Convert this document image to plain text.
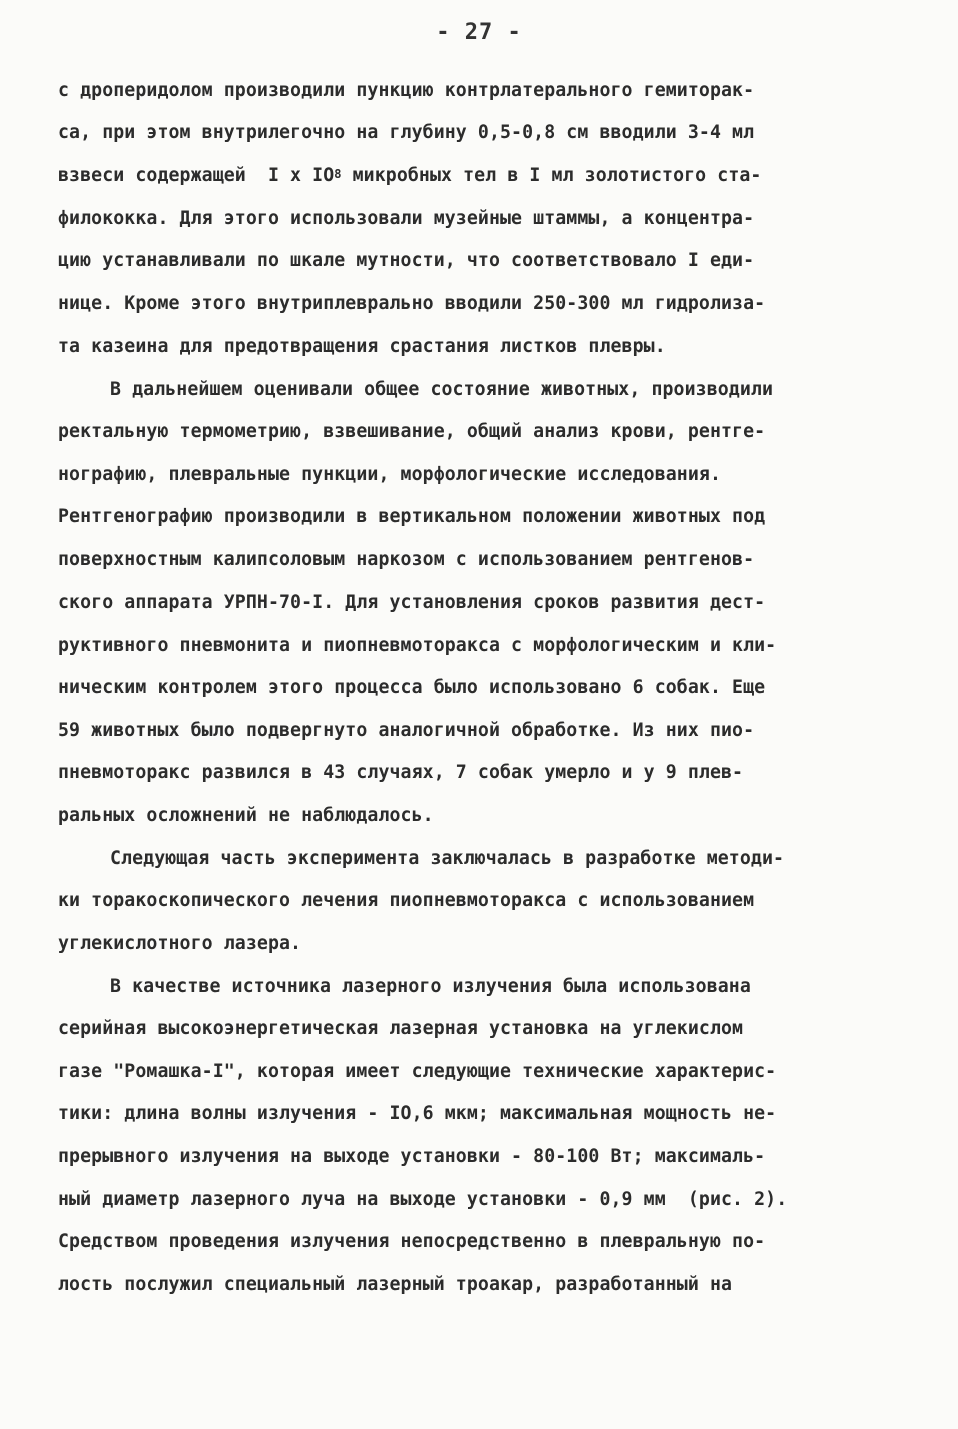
- 27 -
с дроперидолом производили пункцию контрлатерального гемиторак-
са, при этом внутрилегочно на глубину 0,5-0,8 см вводили 3-4 мл
взвеси содержащей  I x $IO^8$ микробных тел в I мл золотистого ста-
филококка. Для этого использовали музейные штаммы, а концентра-
цию устанавливали по шкале мутности, что соответствовало I еди-
нице. Кроме этого внутриплеврально вводили 250-300 мл гидролиза-
та казеина для предотвращения срастания листков плевры.
В дальнейшем оценивали общее состояние животных, производили
ректальную термометрию, взвешивание, общий анализ крови, рентге-
нографию, плевральные пункции, морфологические исследования.
Рентгенографию производили в вертикальном положении животных под
поверхностным калипсоловым наркозом с использованием рентгенов-
ского аппарата УРПН-70-I. Для установления сроков развития дест-
руктивного пневмонита и пиопневмоторакса с морфологическим и кли-
ническим контролем этого процесса было использовано 6 собак. Еще
59 животных было подвергнуто аналогичной обработке. Из них пио-
пневмоторакс развился в 43 случаях, 7 собак умерло и у 9 плев-
ральных осложнений не наблюдалось.
Следующая часть эксперимента заключалась в разработке методи-
ки торакоскопического лечения пиопневмоторакса с использованием
углекислотного лазера.
В качестве источника лазерного излучения была использована
серийная высокоэнергетическая лазерная установка на углекислом
газе "Ромашка-I", которая имеет следующие технические характерис-
тики: длина волны излучения - IO,6 мкм; максимальная мощность не-
прерывного излучения на выходе установки - 80-100 Вт; максималь-
ный диаметр лазерного луча на выходе установки - 0,9 мм  (рис. 2).
Средством проведения излучения непосредственно в плевральную по-
лость послужил специальный лазерный троакар, разработанный на
